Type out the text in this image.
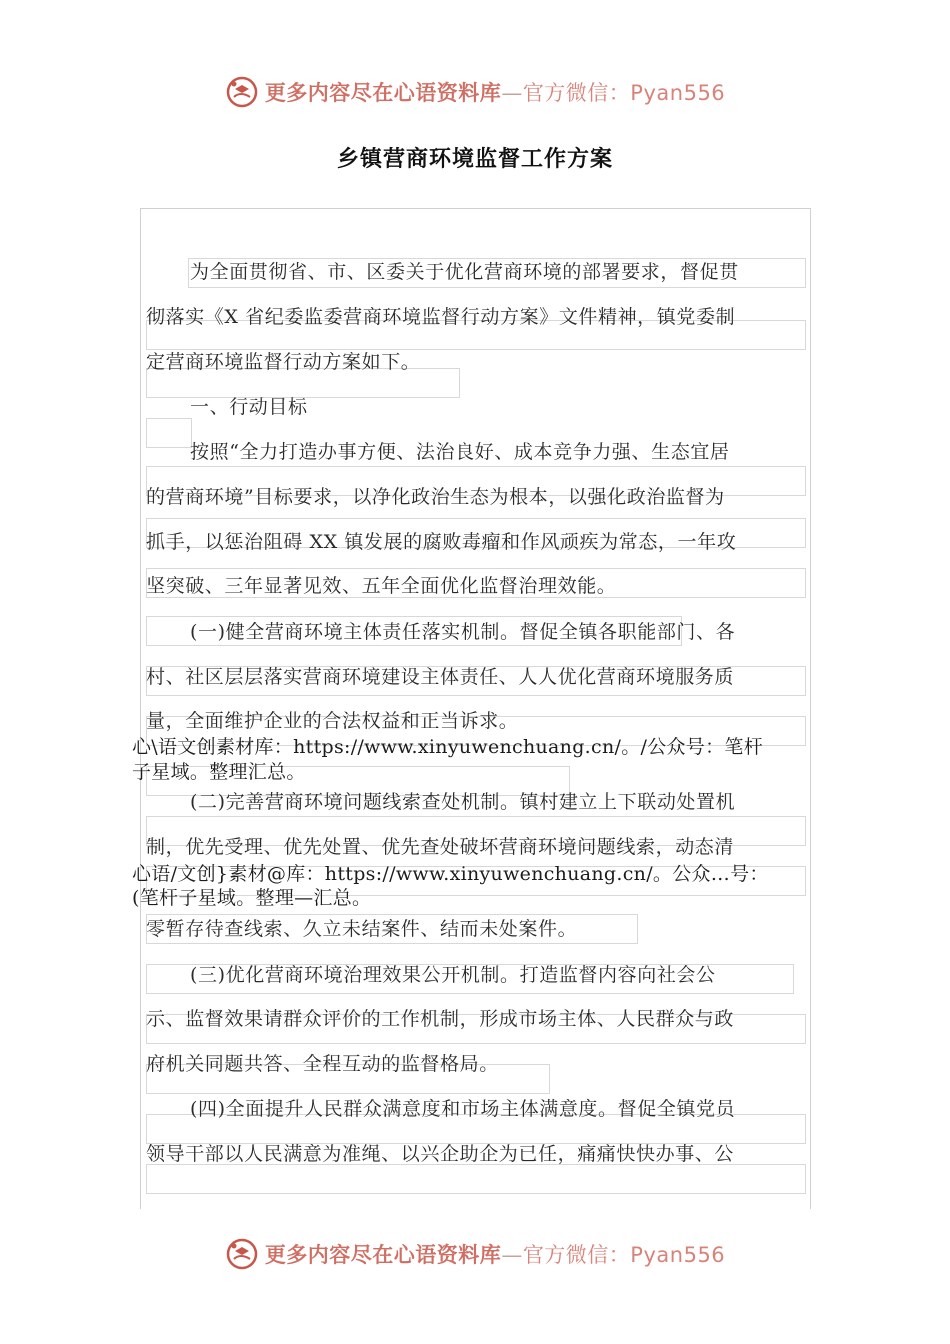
更多内容尽在心语资料库—官方微信：Pyan556
乡镇营商环境监督工作方案
为全面贯彻省、市、区委关于优化营商环境的部署要求，督促贯
彻落实《X 省纪委监委营商环境监督行动方案》文件精神，镇党委制
定营商环境监督行动方案如下。
一、行动目标
按照“全力打造办事方便、法治良好、成本竞争力强、生态宜居
的营商环境”目标要求，以净化政治生态为根本，以强化政治监督为
抓手，以惩治阻碍 XX 镇发展的腐败毒瘤和作风顽疾为常态，一年攻
坚突破、三年显著见效、五年全面优化监督治理效能。
(一)健全营商环境主体责任落实机制。督促全镇各职能部门、各
村、社区层层落实营商环境建设主体责任、人人优化营商环境服务质
量，全面维护企业的合法权益和正当诉求。
心\语文创素材库：https://www.xinyuwenchuang.cn/。/公众号：笔杆
子星域。整理汇总。
(二)完善营商环境问题线索查处机制。镇村建立上下联动处置机
制，优先受理、优先处置、优先查处破坏营商环境问题线索，动态清
心语/文创}素材@库：https://www.xinyuwenchuang.cn/。公众…号：
(笔杆子星域。整理—汇总。
零暂存待查线索、久立未结案件、结而未处案件。
(三)优化营商环境治理效果公开机制。打造监督内容向社会公
示、监督效果请群众评价的工作机制，形成市场主体、人民群众与政
府机关同题共答、全程互动的监督格局。
(四)全面提升人民群众满意度和市场主体满意度。督促全镇党员
领导干部以人民满意为准绳、以兴企助企为已任，痛痛快快办事、公
更多内容尽在心语资料库—官方微信：Pyan556
